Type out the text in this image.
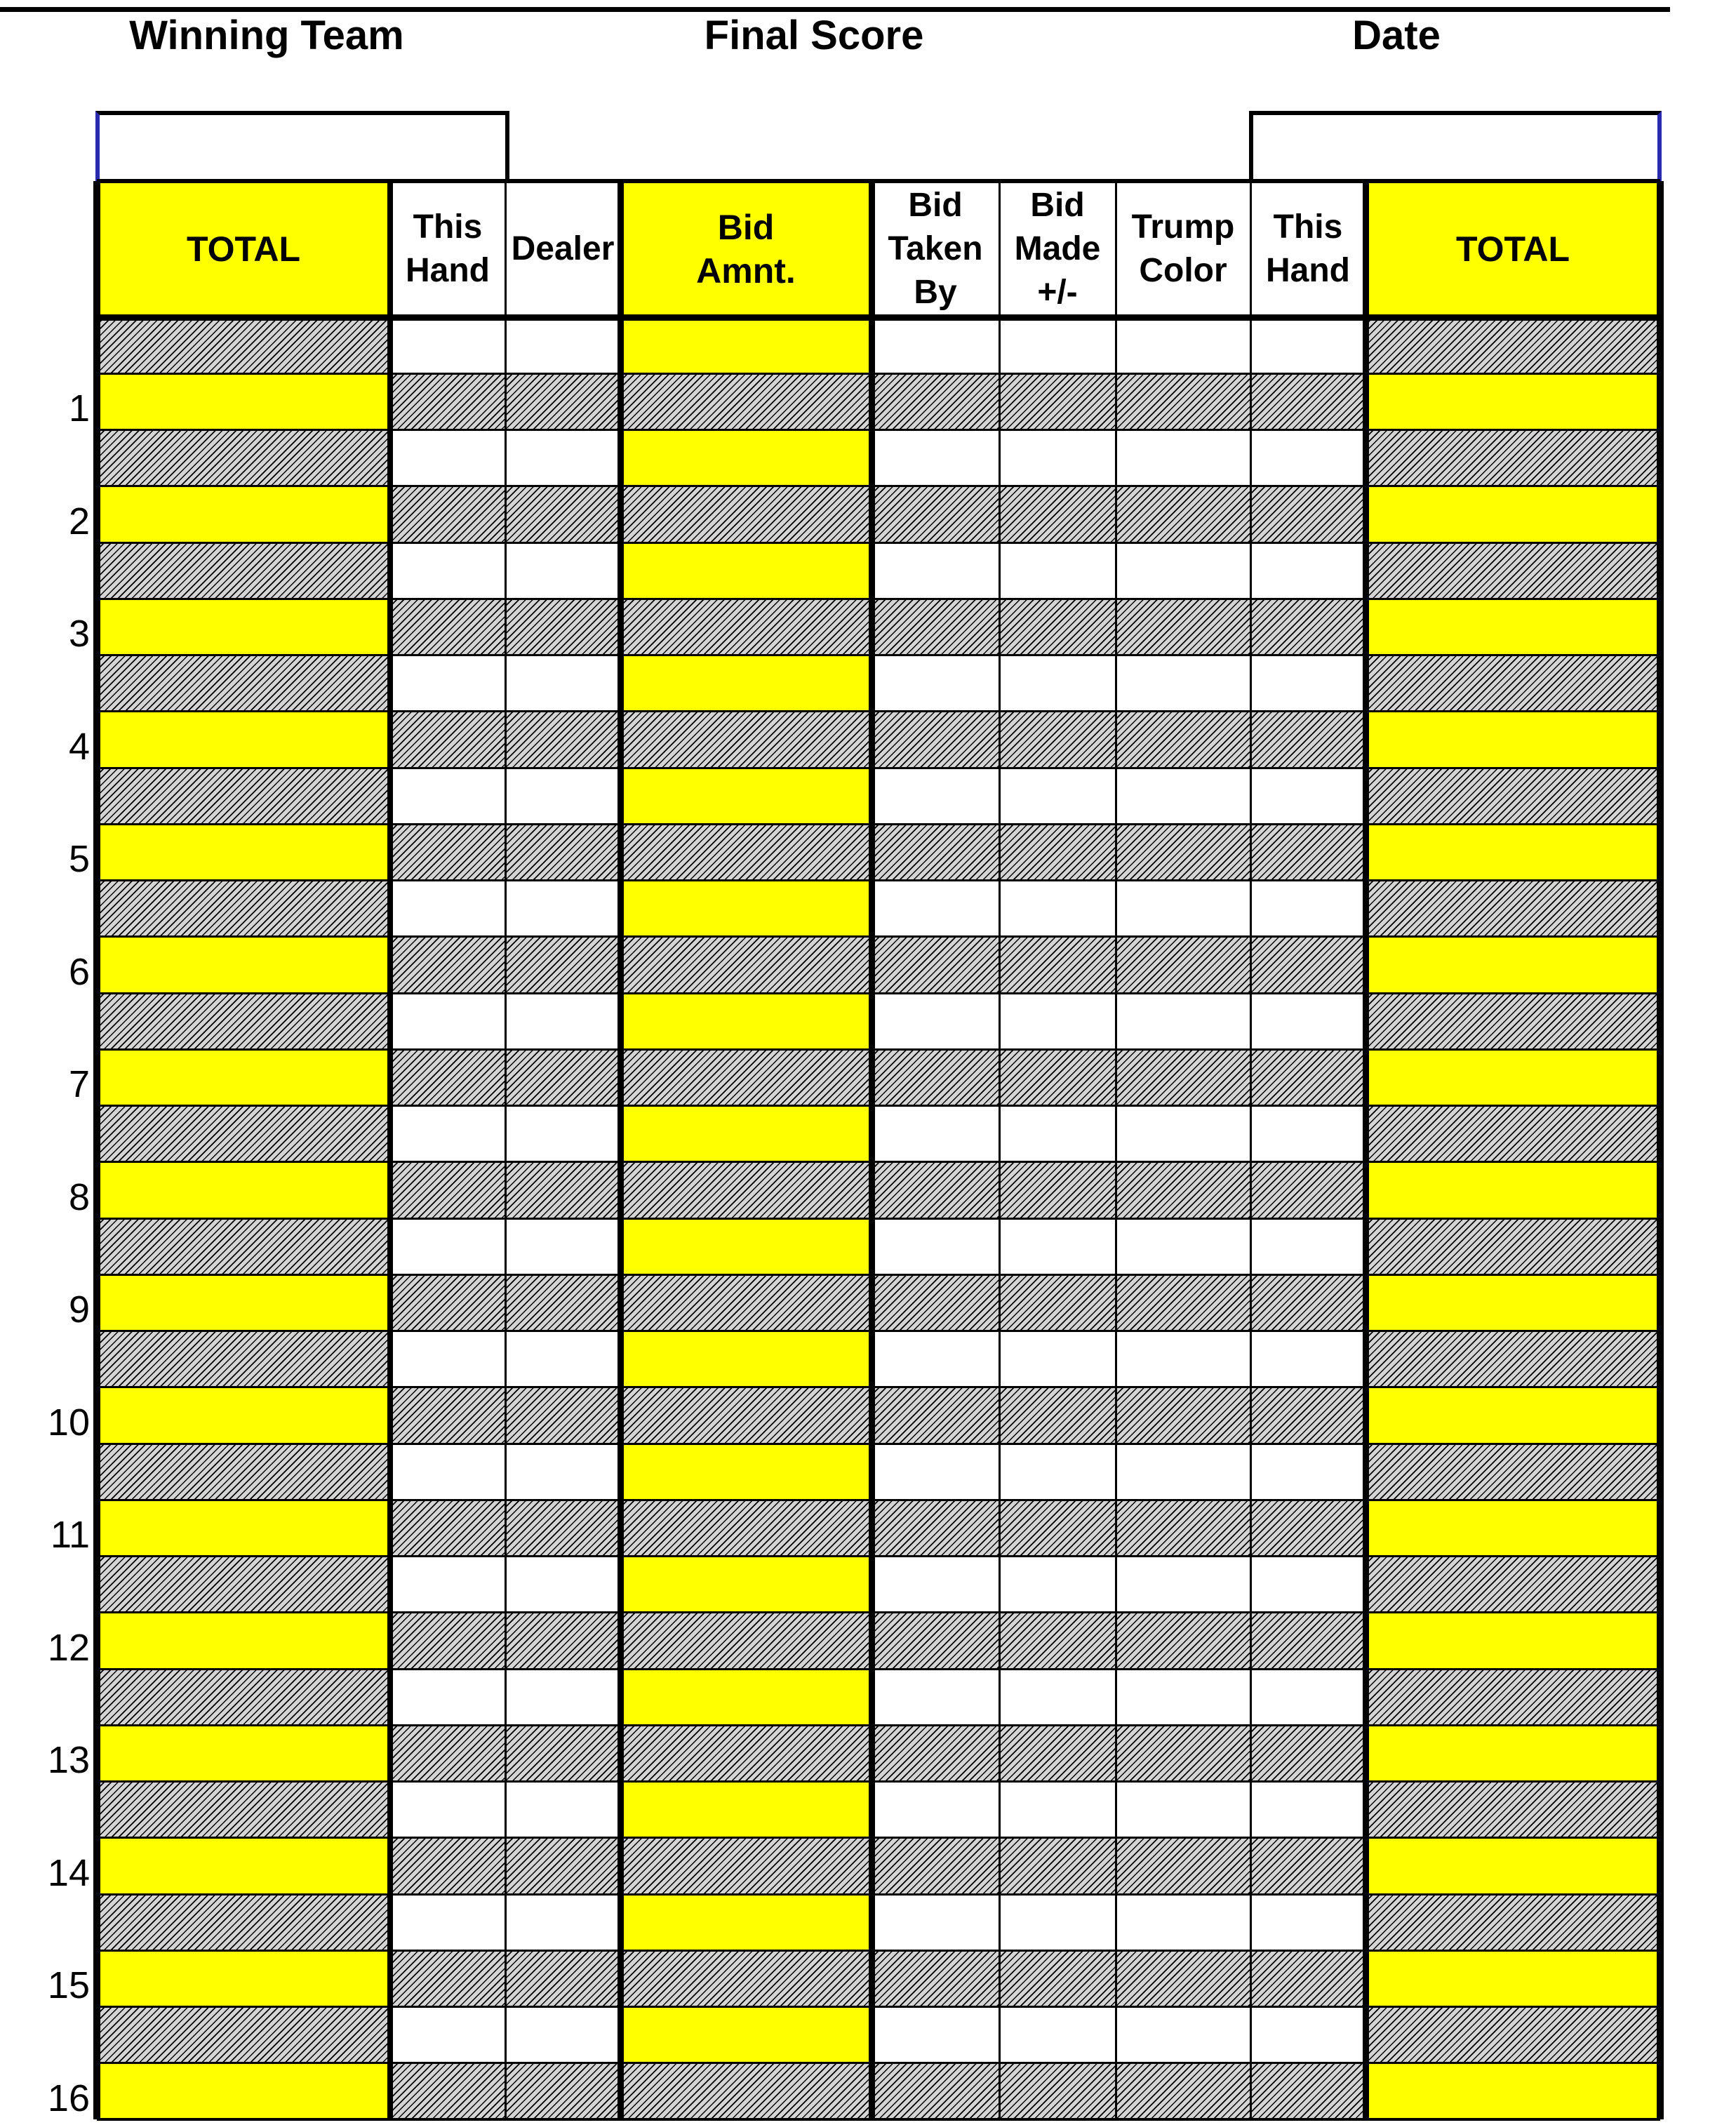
Winning Team	Final Score	Date
TOTAL
This
Hand
Dealer
Bid
Amnt.
Bid
Taken
By
Bid
Made
+/-
Trump
Color
This
Hand
TOTAL
1
2
3
4
5
6
7
8
9
10
11
12
13
14
15
16
